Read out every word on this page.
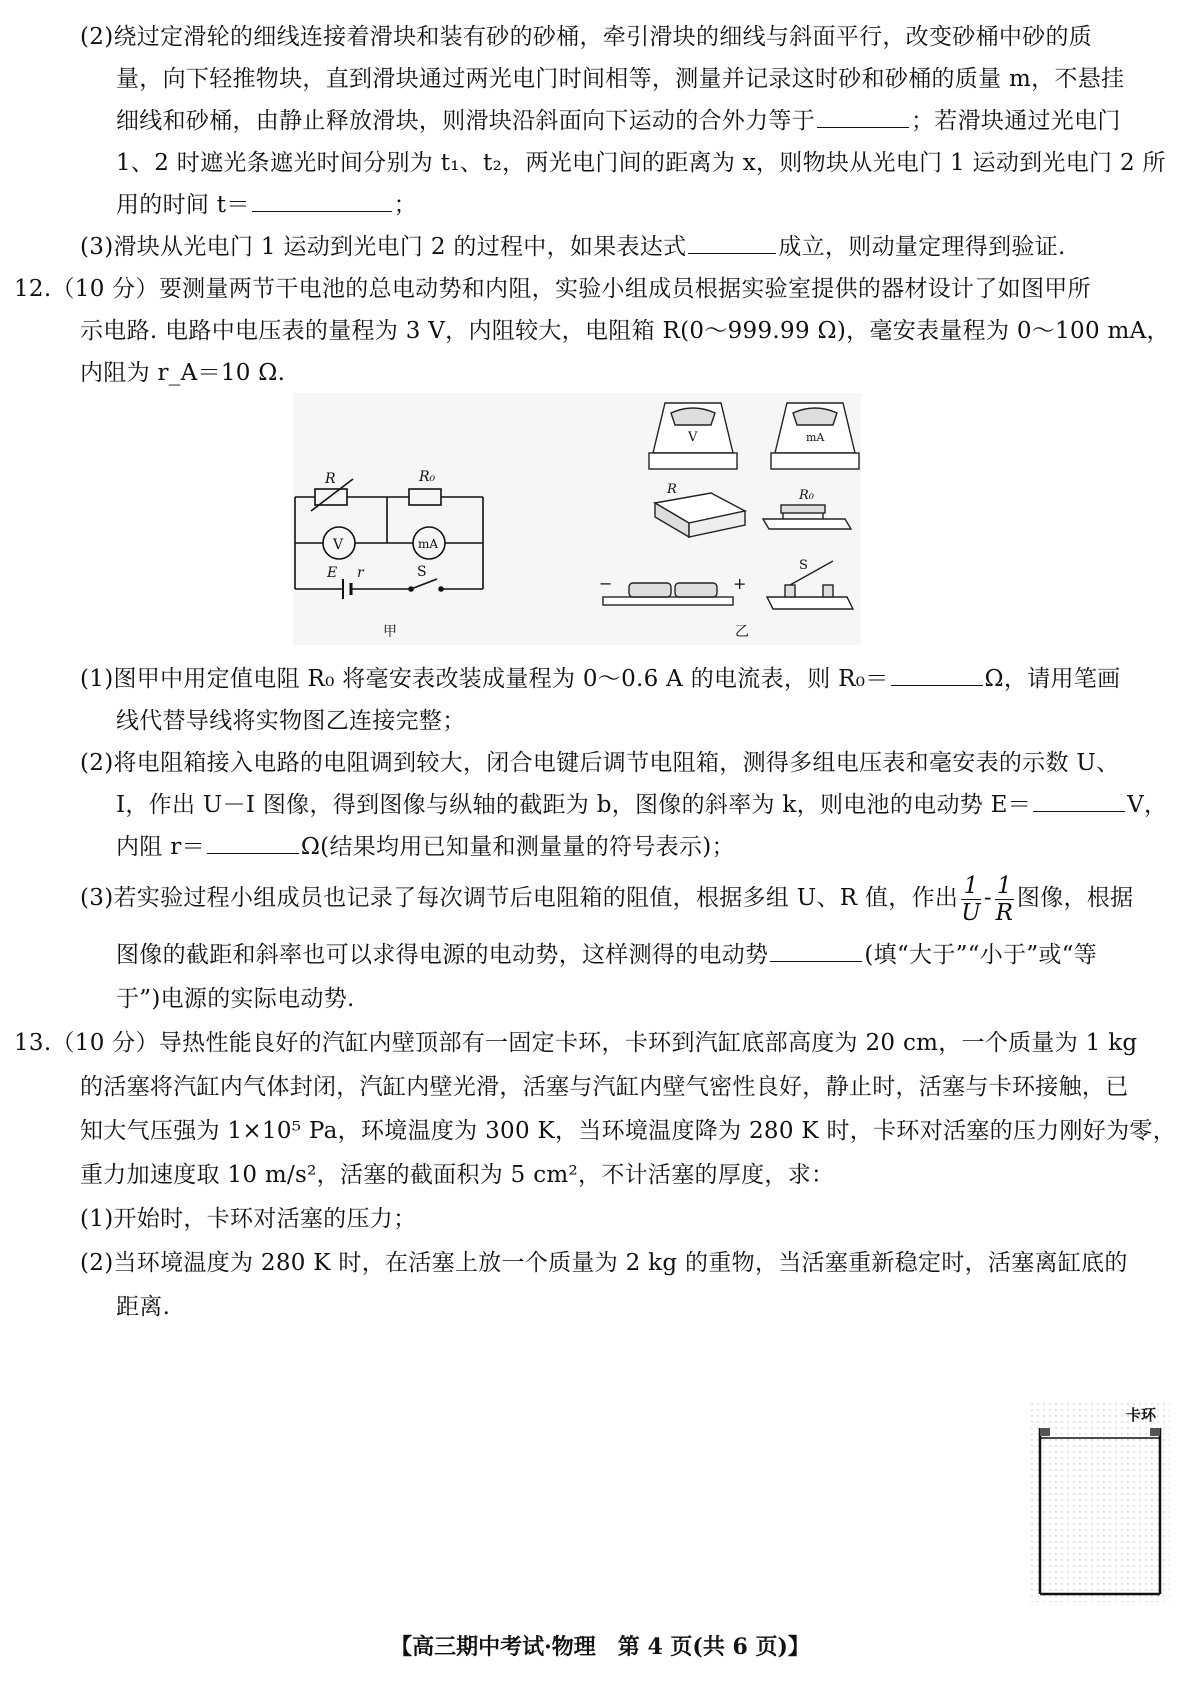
(2)绕过定滑轮的细线连接着滑块和装有砂的砂桶，牵引滑块的细线与斜面平行，改变砂桶中砂的质
量，向下轻推物块，直到滑块通过两光电门时间相等，测量并记录这时砂和砂桶的质量 m，不悬挂
细线和砂桶，由静止释放滑块，则滑块沿斜面向下运动的合外力等于	；若滑块通过光电门
1、2 时遮光条遮光时间分别为 t₁、t₂，两光电门间的距离为 x，则物块从光电门 1 运动到光电门 2 所
用的时间 t＝	；
(3)滑块从光电门 1 运动到光电门 2 的过程中，如果表达式	成立，则动量定理得到验证.
12.（10 分）要测量两节干电池的总电动势和内阻，实验小组成员根据实验室提供的器材设计了如图甲所
示电路. 电路中电压表的量程为 3 V，内阻较大，电阻箱 R(0～999.99 Ω)，毫安表量程为 0～100 mA，
内阻为 r_A＝10 Ω.
R	R₀
V	mA
E r	S
甲	乙
V	mA
R	R₀
−	+
S
(1)图甲中用定值电阻 R₀ 将毫安表改装成量程为 0～0.6 A 的电流表，则 R₀＝	Ω，请用笔画
线代替导线将实物图乙连接完整；
(2)将电阻箱接入电路的电阻调到较大，闭合电键后调节电阻箱，测得多组电压表和毫安表的示数 U、
I，作出 U－I 图像，得到图像与纵轴的截距为 b，图像的斜率为 k，则电池的电动势 E＝	V，
内阻 r＝	Ω(结果均用已知量和测量量的符号表示)；
(3)若实验过程小组成员也记录了每次调节后电阻箱的阻值，根据多组 U、R 值，作出 $\frac{1}{U} - \frac{1}{R}$ 图像，根据
图像的截距和斜率也可以求得电源的电动势，这样测得的电动势	(填“大于”“小于”或“等
于”)电源的实际电动势.
13.（10 分）导热性能良好的汽缸内壁顶部有一固定卡环，卡环到汽缸底部高度为 20 cm，一个质量为 1 kg
的活塞将汽缸内气体封闭，汽缸内壁光滑，活塞与汽缸内壁气密性良好，静止时，活塞与卡环接触，已
知大气压强为 1×10⁵ Pa，环境温度为 300 K，当环境温度降为 280 K 时，卡环对活塞的压力刚好为零，
重力加速度取 10 m/s²，活塞的截面积为 5 cm²，不计活塞的厚度，求：
(1)开始时，卡环对活塞的压力；
(2)当环境温度为 280 K 时，在活塞上放一个质量为 2 kg 的重物，当活塞重新稳定时，活塞离缸底的
距离.
卡环
【高三期中考试·物理　第 4 页(共 6 页)】
